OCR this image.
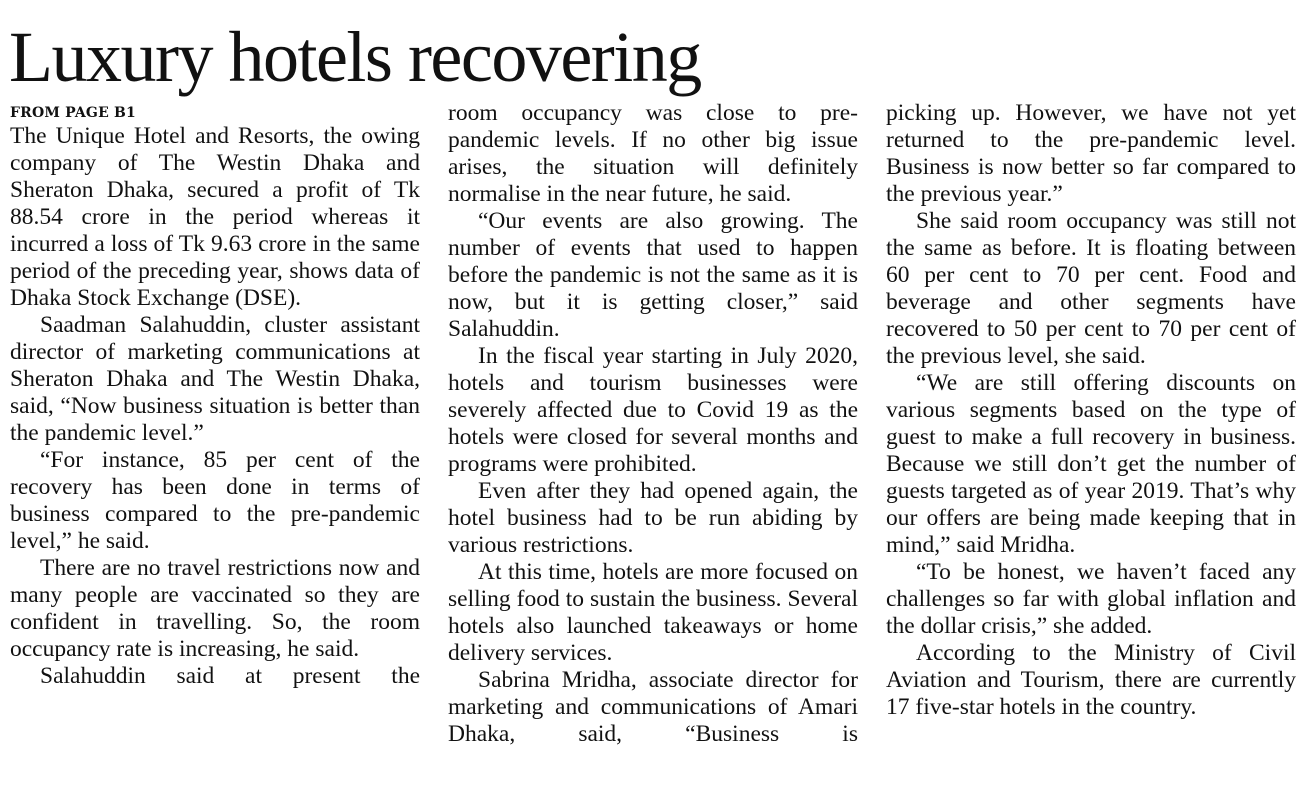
Luxury hotels recovering
FROM PAGE B1

The Unique Hotel and Resorts, the owing company of The Westin Dhaka and Sheraton Dhaka, secured a profit of Tk 88.54 crore in the period whereas it incurred a loss of Tk 9.63 crore in the same period of the preceding year, shows data of Dhaka Stock Exchange (DSE).

Saadman Salahuddin, cluster assistant director of marketing communications at Sheraton Dhaka and The Westin Dhaka, said, “Now business situation is better than the pandemic level.”

“For instance, 85 per cent of the recovery has been done in terms of business compared to the pre-pandemic level,” he said.

There are no travel restrictions now and many people are vaccinated so they are confident in travelling. So, the room occupancy rate is increasing, he said.

Salahuddin said at present the

room occupancy was close to pre-pandemic levels. If no other big issue arises, the situation will definitely normalise in the near future, he said.

“Our events are also growing. The number of events that used to happen before the pandemic is not the same as it is now, but it is getting closer,” said Salahuddin.

In the fiscal year starting in July 2020, hotels and tourism businesses were severely affected due to Covid 19 as the hotels were closed for several months and programs were prohibited.

Even after they had opened again, the hotel business had to be run abiding by various restrictions.

At this time, hotels are more focused on selling food to sustain the business. Several hotels also launched takeaways or home delivery services.

Sabrina Mridha, associate director for marketing and communications of Amari Dhaka, said, “Business is

picking up. However, we have not yet returned to the pre-pandemic level. Business is now better so far compared to the previous year.”

She said room occupancy was still not the same as before. It is floating between 60 per cent to 70 per cent. Food and beverage and other segments have recovered to 50 per cent to 70 per cent of the previous level, she said.

“We are still offering discounts on various segments based on the type of guest to make a full recovery in business. Because we still don’t get the number of guests targeted as of year 2019. That’s why our offers are being made keeping that in mind,” said Mridha.

“To be honest, we haven’t faced any challenges so far with global inflation and the dollar crisis,” she added.

According to the Ministry of Civil Aviation and Tourism, there are currently 17 five-star hotels in the country.
